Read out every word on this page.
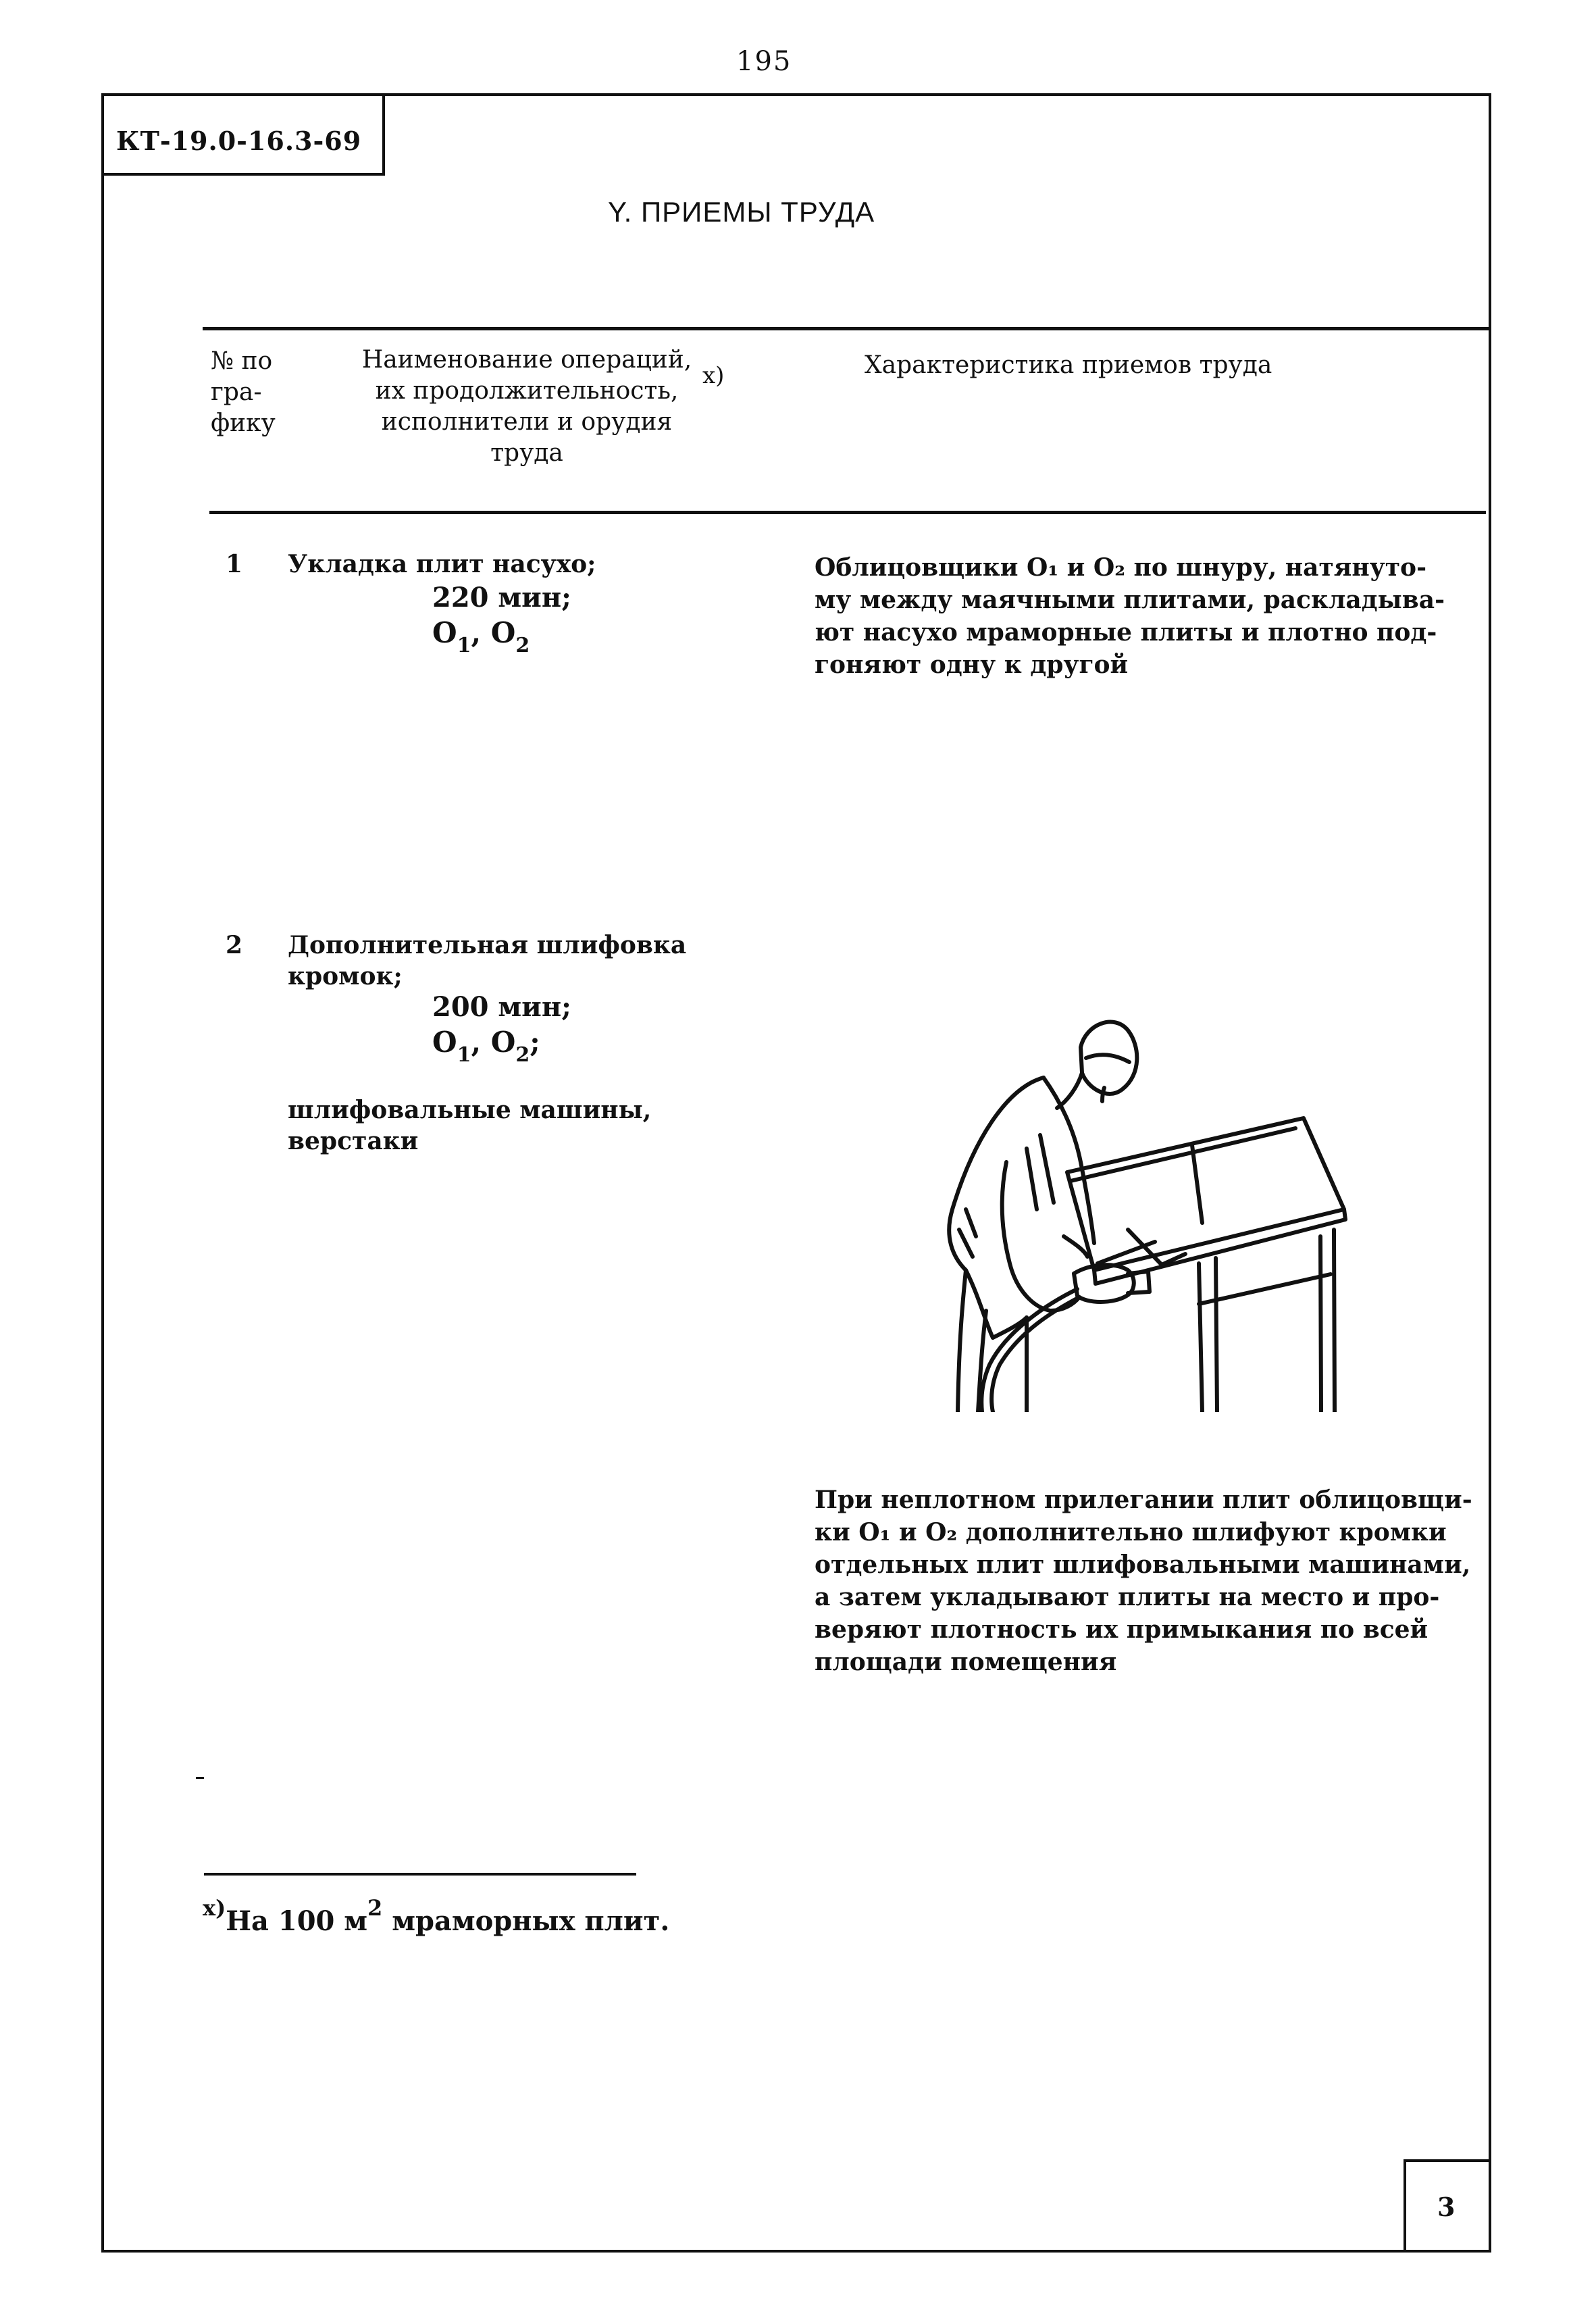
195
КТ-19.0-16.3-69
Y. ПРИЕМЫ ТРУДА
№ по
гра-
фику
Наименование операций,
их продолжительность,
исполнители и орудия
труда
х)	Характеристика приемов труда
1 Укладка плит насухо;
220 мин;
$О_1$, $О_2$
Облицовщики О₁ и О₂ по шнуру, натянуто-
му между маячными плитами, раскладыва-
ют насухо мраморные плиты и плотно под-
гоняют одну к другой
2 Дополнительная шлифовка
кромок;
200 мин;
$О_1$, $О_2$;
шлифовальные машины,
верстаки
При неплотном прилегании плит облицовщи-
ки О₁ и О₂ дополнительно шлифуют кромки
отдельных плит шлифовальными машинами,
а затем укладывают плиты на место и про-
веряют плотность их примыкания по всей
площади помещения
$^{х)}$На 100 м$^2$ мраморных плит.
3
